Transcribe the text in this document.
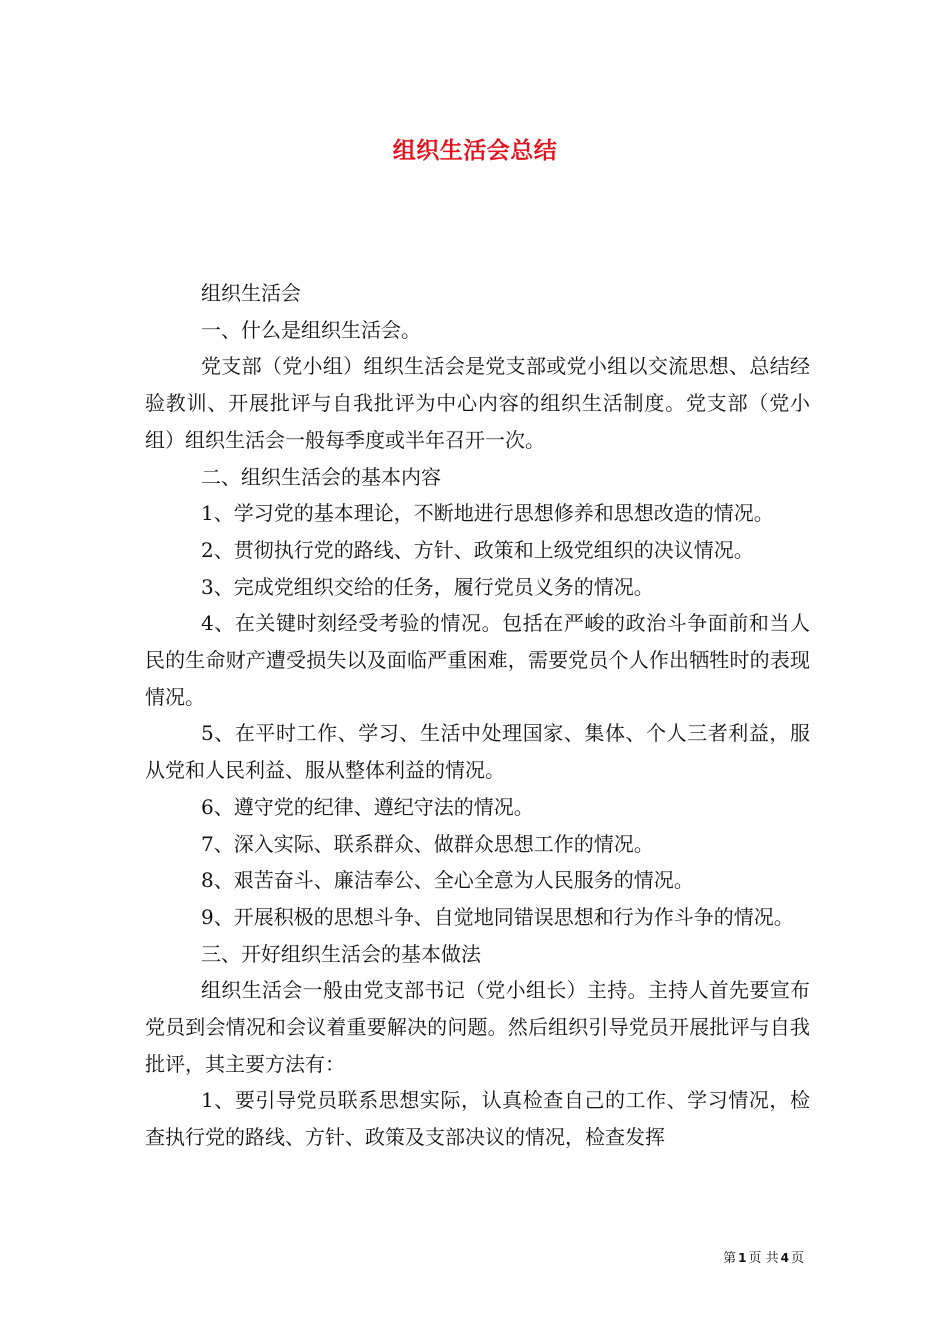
组织生活会总结

组织生活会

一、什么是组织生活会。

党支部（党小组）组织生活会是党支部或党小组以交流思想、总结经验教训、开展批评与自我批评为中心内容的组织生活制度。党支部（党小组）组织生活会一般每季度或半年召开一次。

二、组织生活会的基本内容

1、学习党的基本理论，不断地进行思想修养和思想改造的情况。

2、贯彻执行党的路线、方针、政策和上级党组织的决议情况。

3、完成党组织交给的任务，履行党员义务的情况。

4、在关键时刻经受考验的情况。包括在严峻的政治斗争面前和当人民的生命财产遭受损失以及面临严重困难，需要党员个人作出牺牲时的表现情况。

5、在平时工作、学习、生活中处理国家、集体、个人三者利益，服从党和人民利益、服从整体利益的情况。

6、遵守党的纪律、遵纪守法的情况。

7、深入实际、联系群众、做群众思想工作的情况。

8、艰苦奋斗、廉洁奉公、全心全意为人民服务的情况。

9、开展积极的思想斗争、自觉地同错误思想和行为作斗争的情况。

三、开好组织生活会的基本做法

组织生活会一般由党支部书记（党小组长）主持。主持人首先要宣布党员到会情况和会议着重要解决的问题。然后组织引导党员开展批评与自我批评，其主要方法有：

1、要引导党员联系思想实际，认真检查自己的工作、学习情况，检查执行党的路线、方针、政策及支部决议的情况，检查发挥

第 1 页 共 4 页
